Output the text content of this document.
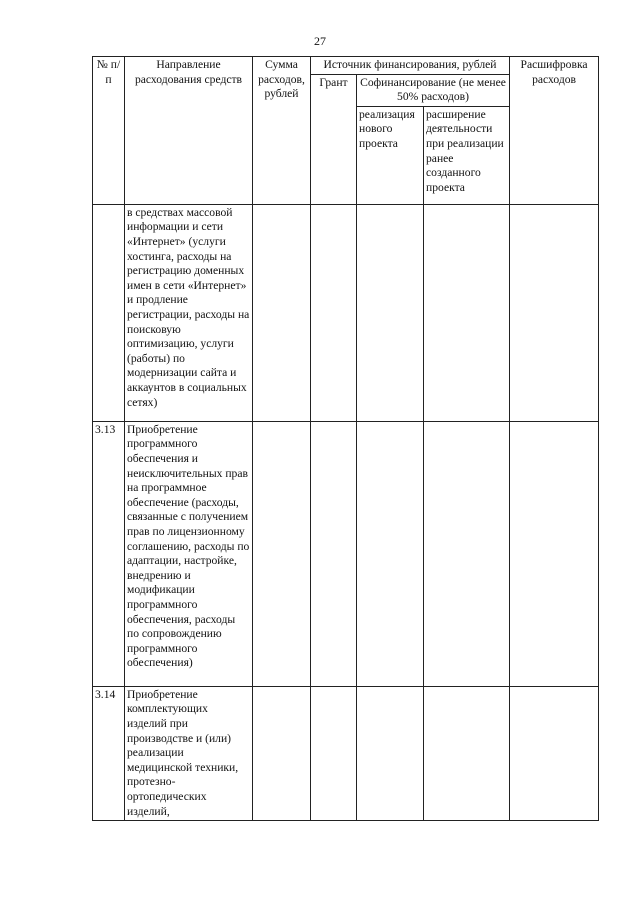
27
№ п/п	Направление расходования средств	Сумма расходов, рублей	Источник финансирования, рублей			Расшифровка расходов
			Грант	Софинансирование (не менее 50% расходов)		
				реализация нового проекта	расширение деятельности при реализации ранее созданного проекта	
	в средствах массовой информации и сети «Интернет» (услуги хостинга, расходы на регистрацию доменных имен в сети «Интернет» и продление регистрации, расходы на поисковую оптимизацию, услуги (работы) по модернизации сайта и аккаунтов в социальных сетях)					
3.13	Приобретение программного обеспечения и неисключительных прав на программное обеспечение (расходы, связанные с получением прав по лицензионному соглашению, расходы по адаптации, настройке, внедрению и модификации программного обеспечения, расходы по сопровождению программного обеспечения)					
3.14	Приобретение комплектующих изделий при производстве и (или) реализации медицинской техники, протезно-ортопедических изделий,					
